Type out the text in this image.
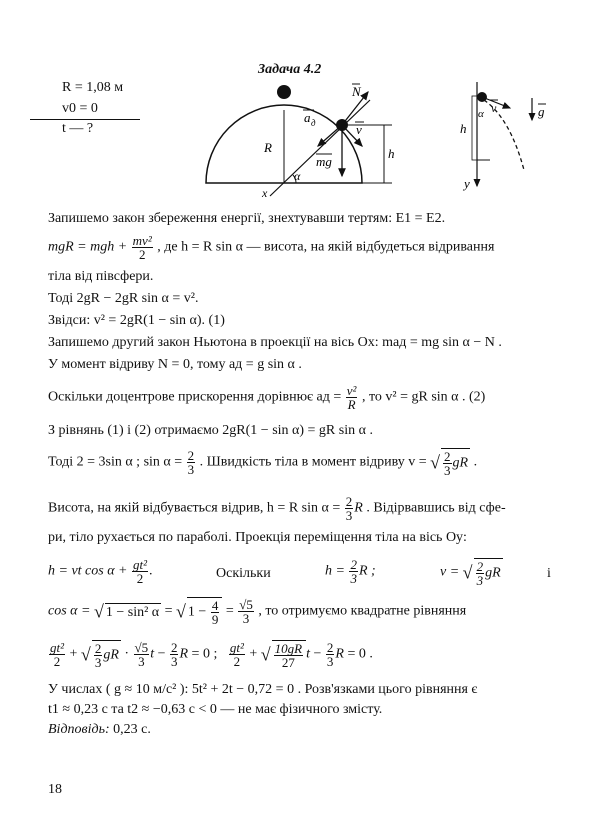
Задача 4.2
R = 1,08 м
v0 = 0
t — ?
N
a д	v
R
mg
h
x
α
α v	g
h
y
Запишемо закон збереження енергії, знехтувавши тертям: E1 = E2.
mgR = mgh + $\frac{\text{mv²}}{2}$ , де h = R sin α — висота, на якій відбудеться відривання
тіла від півсфери.
Тоді 2gR − 2gR sin α = v².
Звідси: v² = 2gR(1 − sin α). (1)
Запишемо другий закон Ньютона в проекції на вісь Ox: maд = mg sin α − N .
У момент відриву N = 0, тому aд = g sin α .
Оскільки доцентрове прискорення дорівнює aд = $\frac{\text{v²}}{R}$ , то v² = gR sin α . (2)
З рівнянь (1) і (2) отримаємо 2gR(1 − sin α) = gR sin α .
Тоді 2 = 3sin α ; $\sin \alpha = \frac{2}{3}$ . Швидкість тіла в момент відриву v = √ $\frac{2}{3}$ gR .
Висота, на якій відбувається відрив, h = R $\sin \alpha = \frac{2}{3}$ R . Відірвавшись від сфе-
ри, тіло рухається по параболі. Проекція переміщення тіла на вісь Oy:
h = vt $\cos \alpha + \frac{\text{gt²}}{2}$ .	Оскільки	$h = \frac{2}{3}$ R ;	v = √ $\frac{2}{3}$ gR	і
cos α = √ 1 − sin² α = √ $1 - \frac{4}{9} = \frac{√5}{3}$ , то отримуємо квадратне рівняння
$\frac{\text{gt²}}{2}$ + √ $\frac{2}{3}$ gR · $\frac{√5}{3}$ $t - \frac{2}{3}$ R = 0 ; $\frac{\text{gt²}}{2}$ + √ $\frac{10gR}{27}$ $t - \frac{2}{3}$ R = 0 .
У числах ( g ≈ 10 м/с² ): 5t² + 2t − 0,72 = 0 . Розв'язками цього рівняння є
t1 ≈ 0,23 с та t2 ≈ −0,63 с < 0 — не має фізичного змісту.
Відповідь: 0,23 с.
18
